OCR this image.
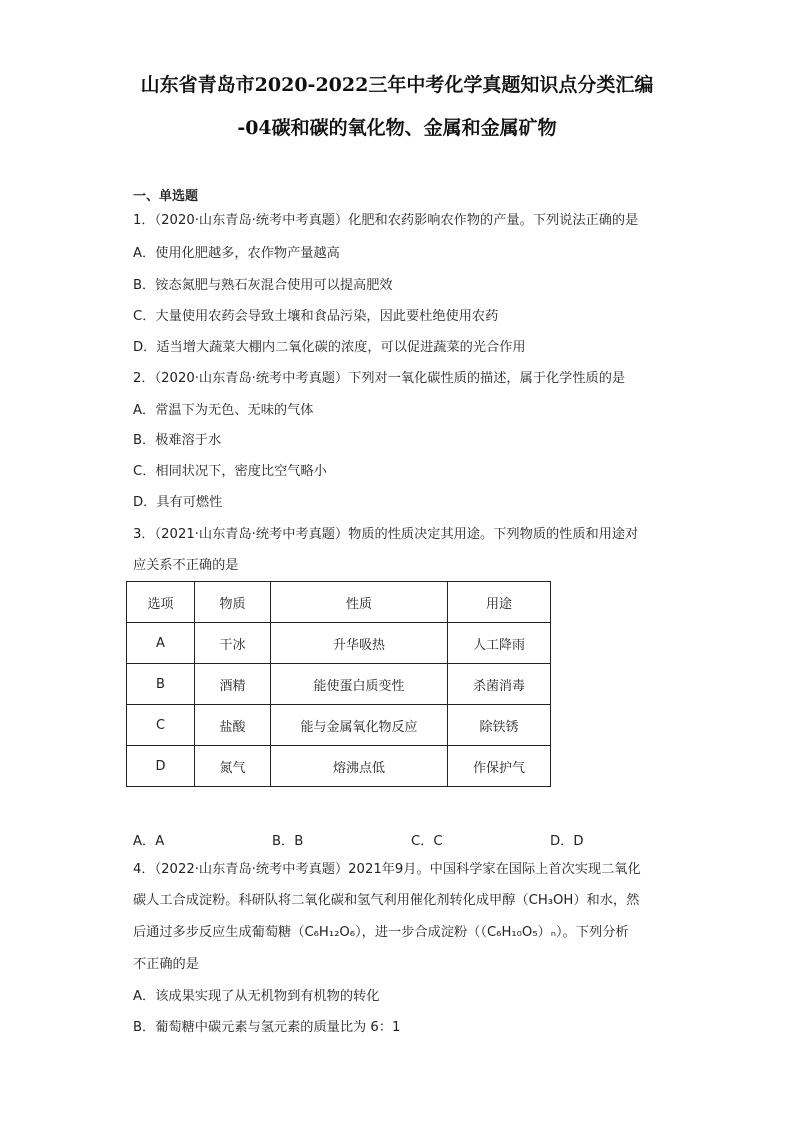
山东省青岛市2020-2022三年中考化学真题知识点分类汇编
-04碳和碳的氧化物、金属和金属矿物
一、单选题
1．（2020·山东青岛·统考中考真题）化肥和农药影响农作物的产量。下列说法正确的是
A．使用化肥越多，农作物产量越高
B．铵态氮肥与熟石灰混合使用可以提高肥效
C．大量使用农药会导致土壤和食品污染，因此要杜绝使用农药
D．适当增大蔬菜大棚内二氧化碳的浓度，可以促进蔬菜的光合作用
2．（2020·山东青岛·统考中考真题）下列对一氧化碳性质的描述，属于化学性质的是
A．常温下为无色、无味的气体
B．极难溶于水
C．相同状况下，密度比空气略小
D．具有可燃性
3．（2021·山东青岛·统考中考真题）物质的性质决定其用途。下列物质的性质和用途对
应关系不正确的是
选项	物质	性质	用途
A	干冰	升华吸热	人工降雨
B	酒精	能使蛋白质变性	杀菌消毒
C	盐酸	能与金属氧化物反应	除铁锈
D	氮气	熔沸点低	作保护气
A．A	B．B	C．C	D．D
4．（2022·山东青岛·统考中考真题）2021年9月。中国科学家在国际上首次实现二氧化
碳人工合成淀粉。科研队将二氧化碳和氢气利用催化剂转化成甲醇（CH₃OH）和水，然
后通过多步反应生成葡萄糖（C₆H₁₂O₆），进一步合成淀粉（（C₆H₁₀O₅）ₙ）。下列分析
不正确的是
A．该成果实现了从无机物到有机物的转化
B．葡萄糖中碳元素与氢元素的质量比为 6：1
